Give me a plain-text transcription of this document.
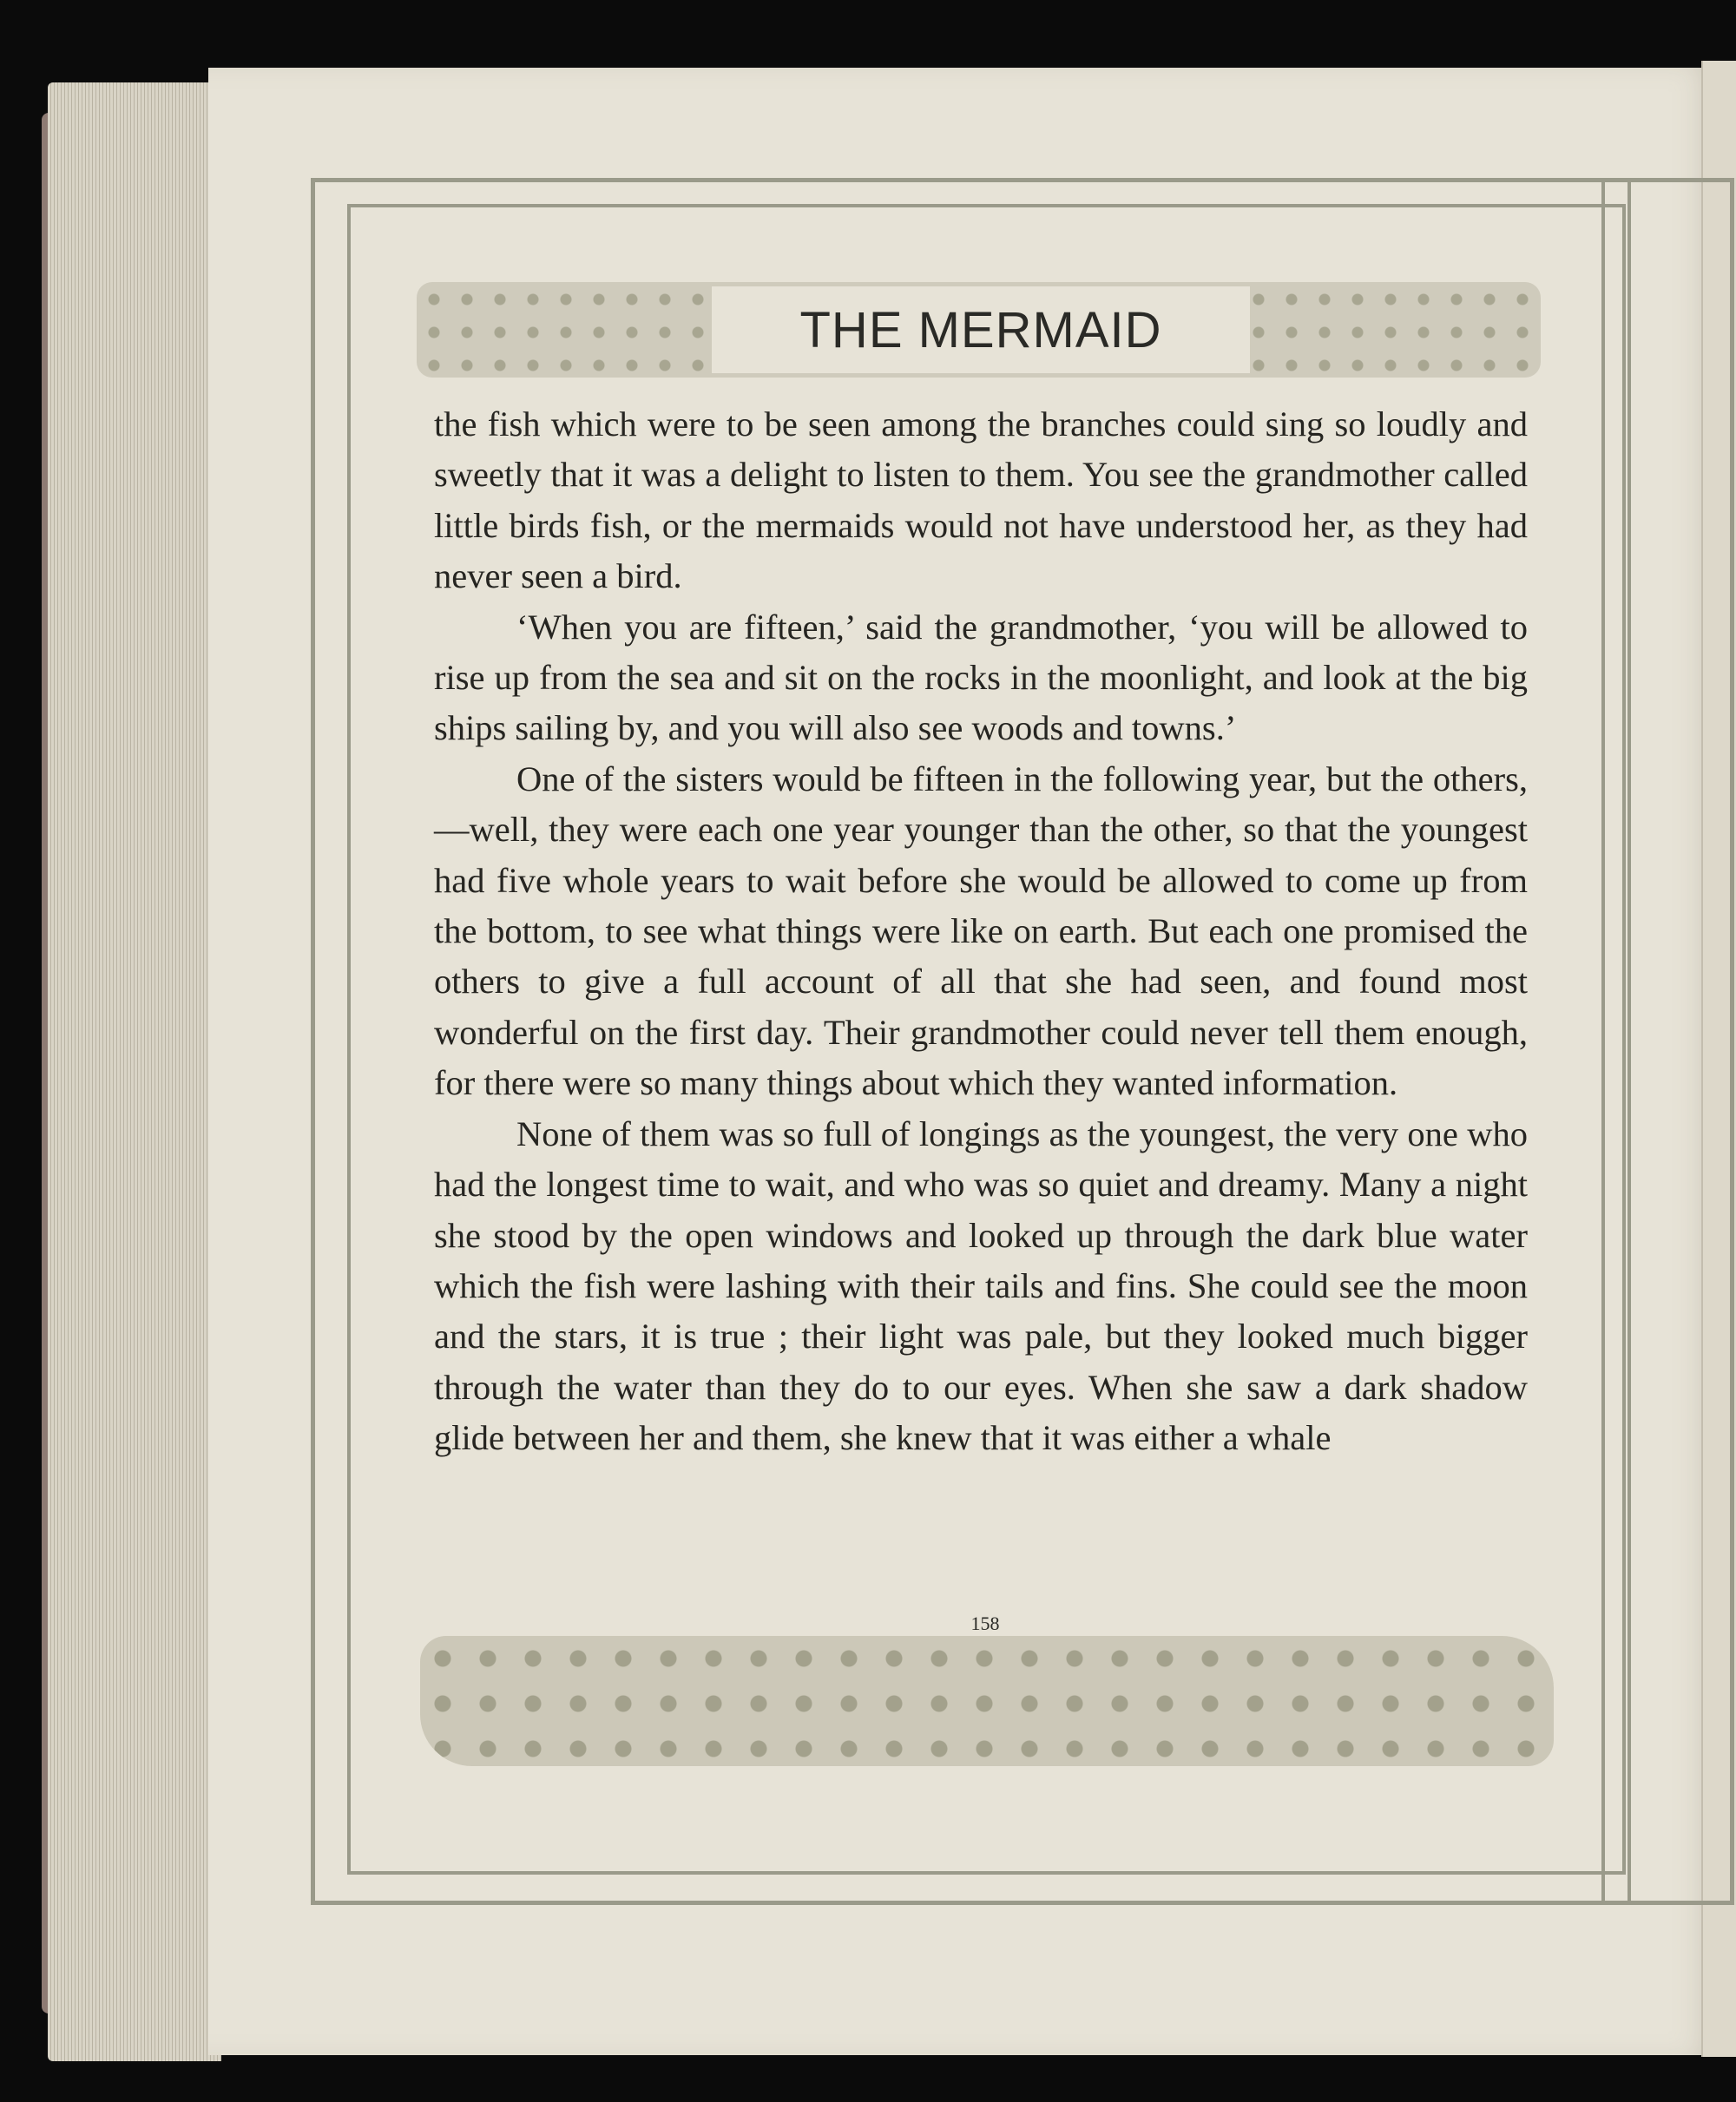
THE MERMAID

the fish which were to be seen among the branches could sing so loudly and sweetly that it was a delight to listen to them. You see the grandmother called little birds fish, or the mermaids would not have understood her, as they had never seen a bird.

‘When you are fifteen,’ said the grandmother, ‘you will be allowed to rise up from the sea and sit on the rocks in the moonlight, and look at the big ships sailing by, and you will also see woods and towns.’

One of the sisters would be fifteen in the following year, but the others,—well, they were each one year younger than the other, so that the youngest had five whole years to wait before she would be allowed to come up from the bottom, to see what things were like on earth. But each one promised the others to give a full account of all that she had seen, and found most wonderful on the first day. Their grandmother could never tell them enough, for there were so many things about which they wanted information.

None of them was so full of longings as the youngest, the very one who had the longest time to wait, and who was so quiet and dreamy. Many a night she stood by the open windows and looked up through the dark blue water which the fish were lashing with their tails and fins. She could see the moon and the stars, it is true ; their light was pale, but they looked much bigger through the water than they do to our eyes. When she saw a dark shadow glide between her and them, she knew that it was either a whale

158
